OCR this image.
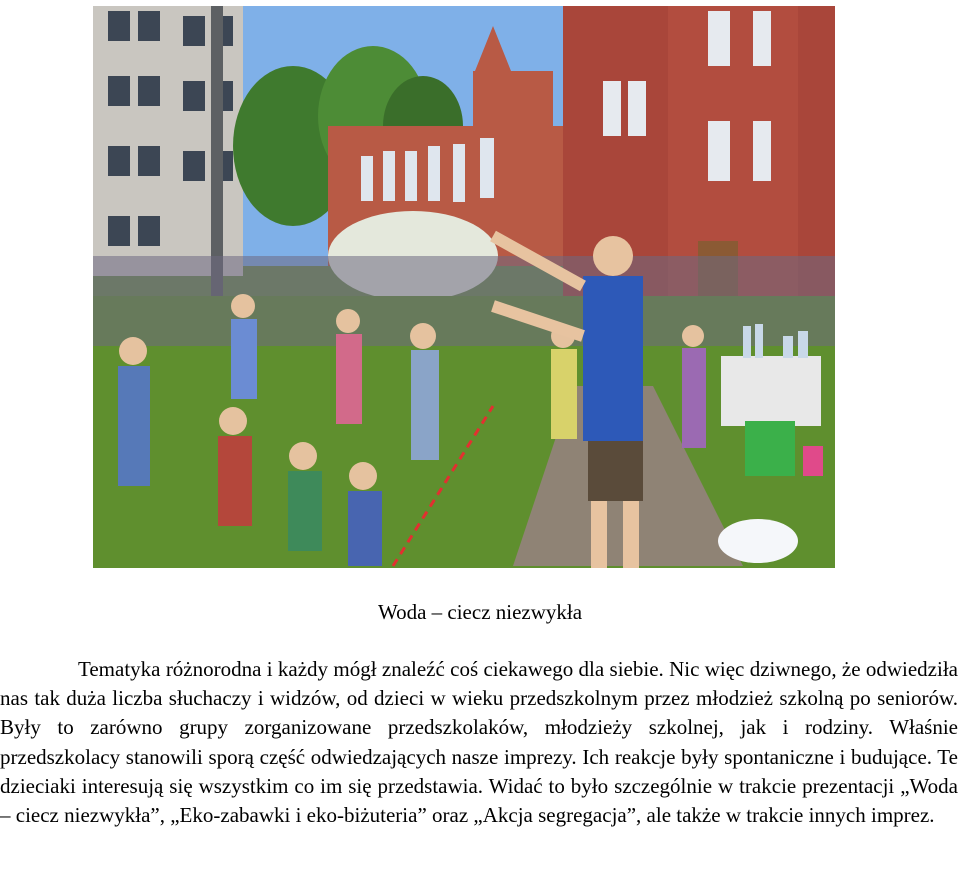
Woda – ciecz niezwykła

Tematyka różnorodna i każdy mógł znaleźć coś ciekawego dla siebie. Nic więc dziwnego, że odwiedziła nas tak duża liczba słuchaczy i widzów, od dzieci w wieku przedszkolnym przez młodzież szkolną po seniorów. Były to zarówno grupy zorganizowane przedszkolaków, młodzieży szkolnej, jak i rodziny. Właśnie przedszkolacy stanowili sporą część odwiedzających nasze imprezy. Ich reakcje były spontaniczne i budujące. Te dzieciaki interesują się wszystkim co im się przedstawia. Widać to było szczególnie w trakcie prezentacji „Woda – ciecz niezwykła”, „Eko-zabawki i eko-biżuteria” oraz „Akcja segregacja”, ale także w trakcie innych imprez.
